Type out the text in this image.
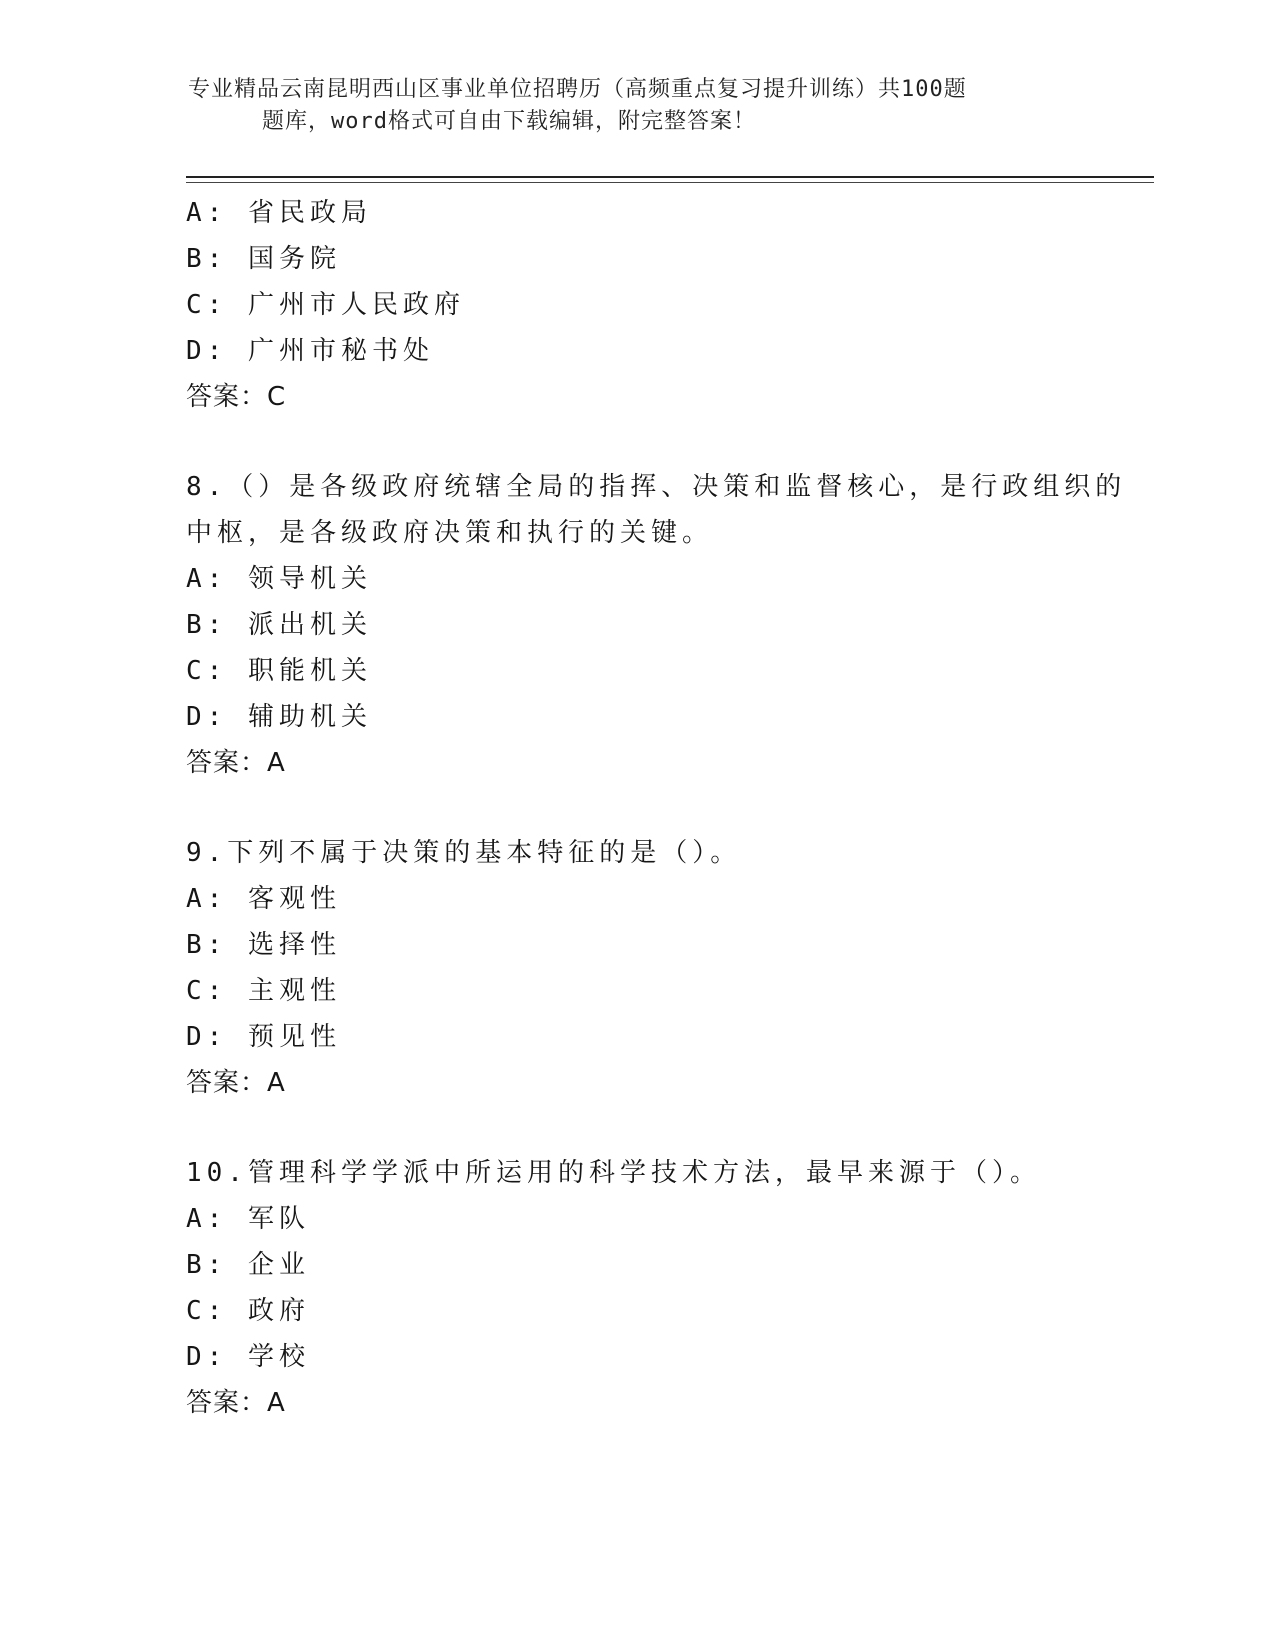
专业精品云南昆明西山区事业单位招聘历（高频重点复习提升训练）共100题
题库，word格式可自由下载编辑，附完整答案！
A: 省民政局
B: 国务院
C: 广州市人民政府
D: 广州市秘书处
答案：C
8.（）是各级政府统辖全局的指挥、决策和监督核心，是行政组织的
中枢，是各级政府决策和执行的关键。
A: 领导机关
B: 派出机关
C: 职能机关
D: 辅助机关
答案：A
9.下列不属于决策的基本特征的是（）。
A: 客观性
B: 选择性
C: 主观性
D: 预见性
答案：A
10.管理科学学派中所运用的科学技术方法，最早来源于（）。
A: 军队
B: 企业
C: 政府
D: 学校
答案：A
